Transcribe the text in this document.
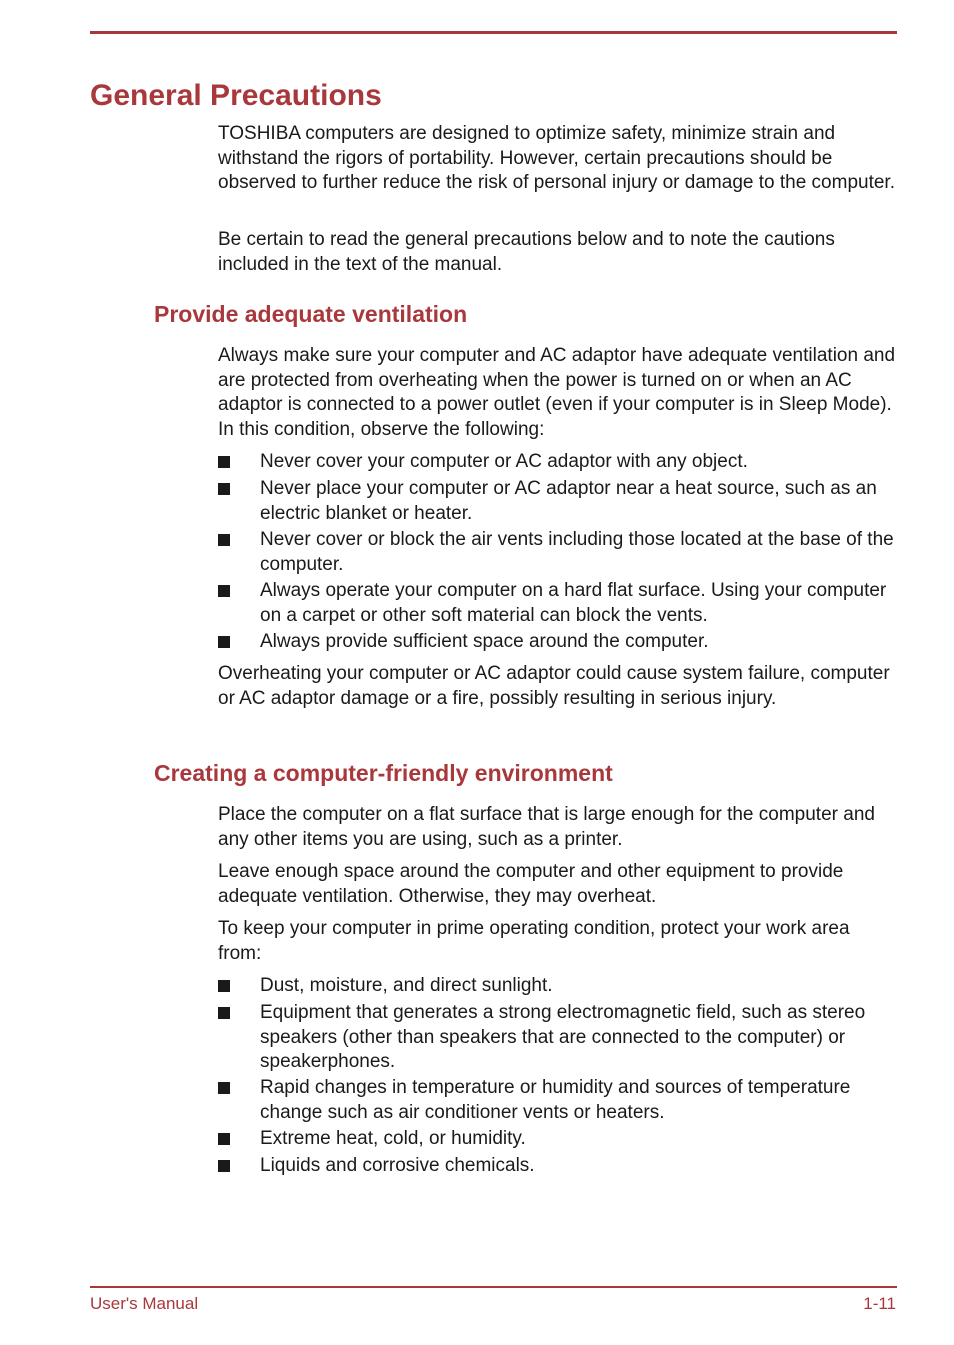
General Precautions

TOSHIBA computers are designed to optimize safety, minimize strain and withstand the rigors of portability. However, certain precautions should be observed to further reduce the risk of personal injury or damage to the computer.

Be certain to read the general precautions below and to note the cautions included in the text of the manual.

Provide adequate ventilation

Always make sure your computer and AC adaptor have adequate ventilation and are protected from overheating when the power is turned on or when an AC adaptor is connected to a power outlet (even if your computer is in Sleep Mode). In this condition, observe the following:

Never cover your computer or AC adaptor with any object.
Never place your computer or AC adaptor near a heat source, such as an electric blanket or heater.
Never cover or block the air vents including those located at the base of the computer.
Always operate your computer on a hard flat surface. Using your computer on a carpet or other soft material can block the vents.
Always provide sufficient space around the computer.

Overheating your computer or AC adaptor could cause system failure, computer or AC adaptor damage or a fire, possibly resulting in serious injury.

Creating a computer-friendly environment

Place the computer on a flat surface that is large enough for the computer and any other items you are using, such as a printer.

Leave enough space around the computer and other equipment to provide adequate ventilation. Otherwise, they may overheat.

To keep your computer in prime operating condition, protect your work area from:

Dust, moisture, and direct sunlight.
Equipment that generates a strong electromagnetic field, such as stereo speakers (other than speakers that are connected to the computer) or speakerphones.
Rapid changes in temperature or humidity and sources of temperature change such as air conditioner vents or heaters.
Extreme heat, cold, or humidity.
Liquids and corrosive chemicals.
User's Manual	1-11
